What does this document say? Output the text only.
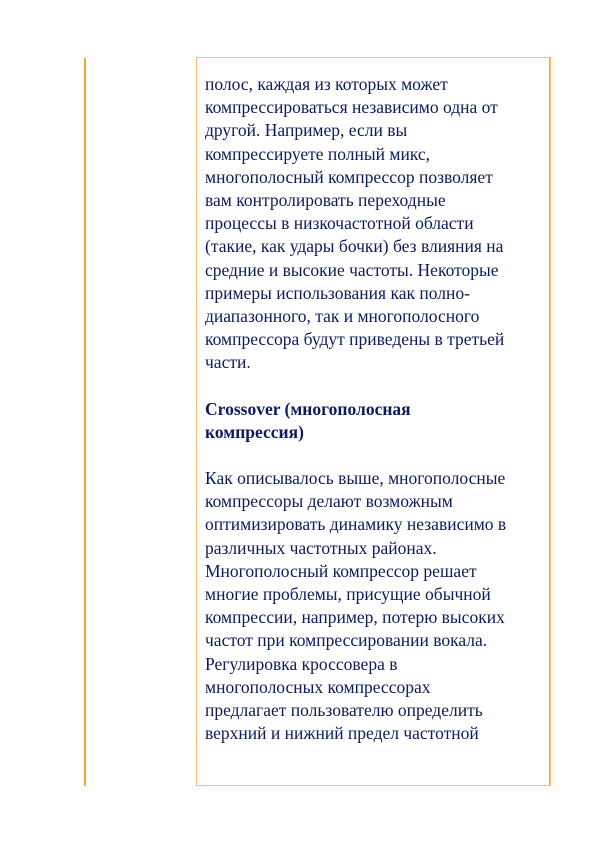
полос, каждая из которых может
компрессироваться независимо одна от
другой. Например, если вы
компрессируете полный микс,
многополосный компрессор позволяет
вам контролировать переходные
процессы в низкочастотной области
(такие, как удары бочки) без влияния на
средние и высокие частоты. Некоторые
примеры использования как полно-
диапазонного, так и многополосного
компрессора будут приведены в третьей
части.

Crossover (многополосная
компрессия)

Как описывалось выше, многополосные
компрессоры делают возможным
оптимизировать динамику независимо в
различных частотных районах.
Многополосный компрессор решает
многие проблемы, присущие обычной
компрессии, например, потерю высоких
частот при компрессировании вокала.
Регулировка кроссовера в
многополосных компрессорах
предлагает пользователю определить
верхний и нижний предел частотной
